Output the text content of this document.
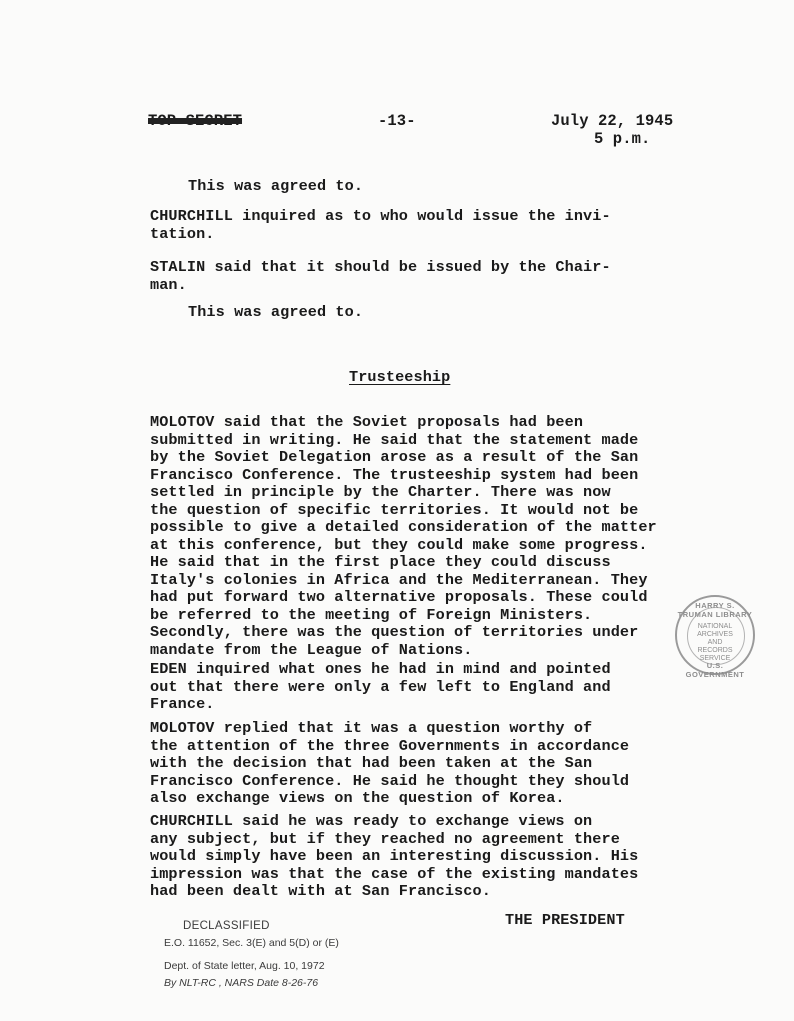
TOP SECRET	-13-	July 22, 1945
5 p.m.

This was agreed to.

CHURCHILL inquired as to who would issue the invi-
tation.

STALIN said that it should be issued by the Chair-
man.

This was agreed to.

Trusteeship

MOLOTOV said that the Soviet proposals had been
submitted in writing. He said that the statement made
by the Soviet Delegation arose as a result of the San
Francisco Conference. The trusteeship system had been
settled in principle by the Charter. There was now
the question of specific territories. It would not be
possible to give a detailed consideration of the matter
at this conference, but they could make some progress.
He said that in the first place they could discuss
Italy's colonies in Africa and the Mediterranean. They
had put forward two alternative proposals. These could
be referred to the meeting of Foreign Ministers.
Secondly, there was the question of territories under
mandate from the League of Nations.

EDEN inquired what ones he had in mind and pointed
out that there were only a few left to England and
France.

MOLOTOV replied that it was a question worthy of
the attention of the three Governments in accordance
with the decision that had been taken at the San
Francisco Conference. He said he thought they should
also exchange views on the question of Korea.

CHURCHILL said he was ready to exchange views on
any subject, but if they reached no agreement there
would simply have been an interesting discussion. His
impression was that the case of the existing mandates
had been dealt with at San Francisco.

THE PRESIDENT
DECLASSIFIED
E.O. 11652, Sec. 3(E) and 5(D) or (E)
Dept. of State letter, Aug. 10, 1972
By NLT-RC , NARS Date 8-26-76
HARRY S. TRUMAN LIBRARY
NATIONAL ARCHIVES AND RECORDS SERVICE
U.S. GOVERNMENT
